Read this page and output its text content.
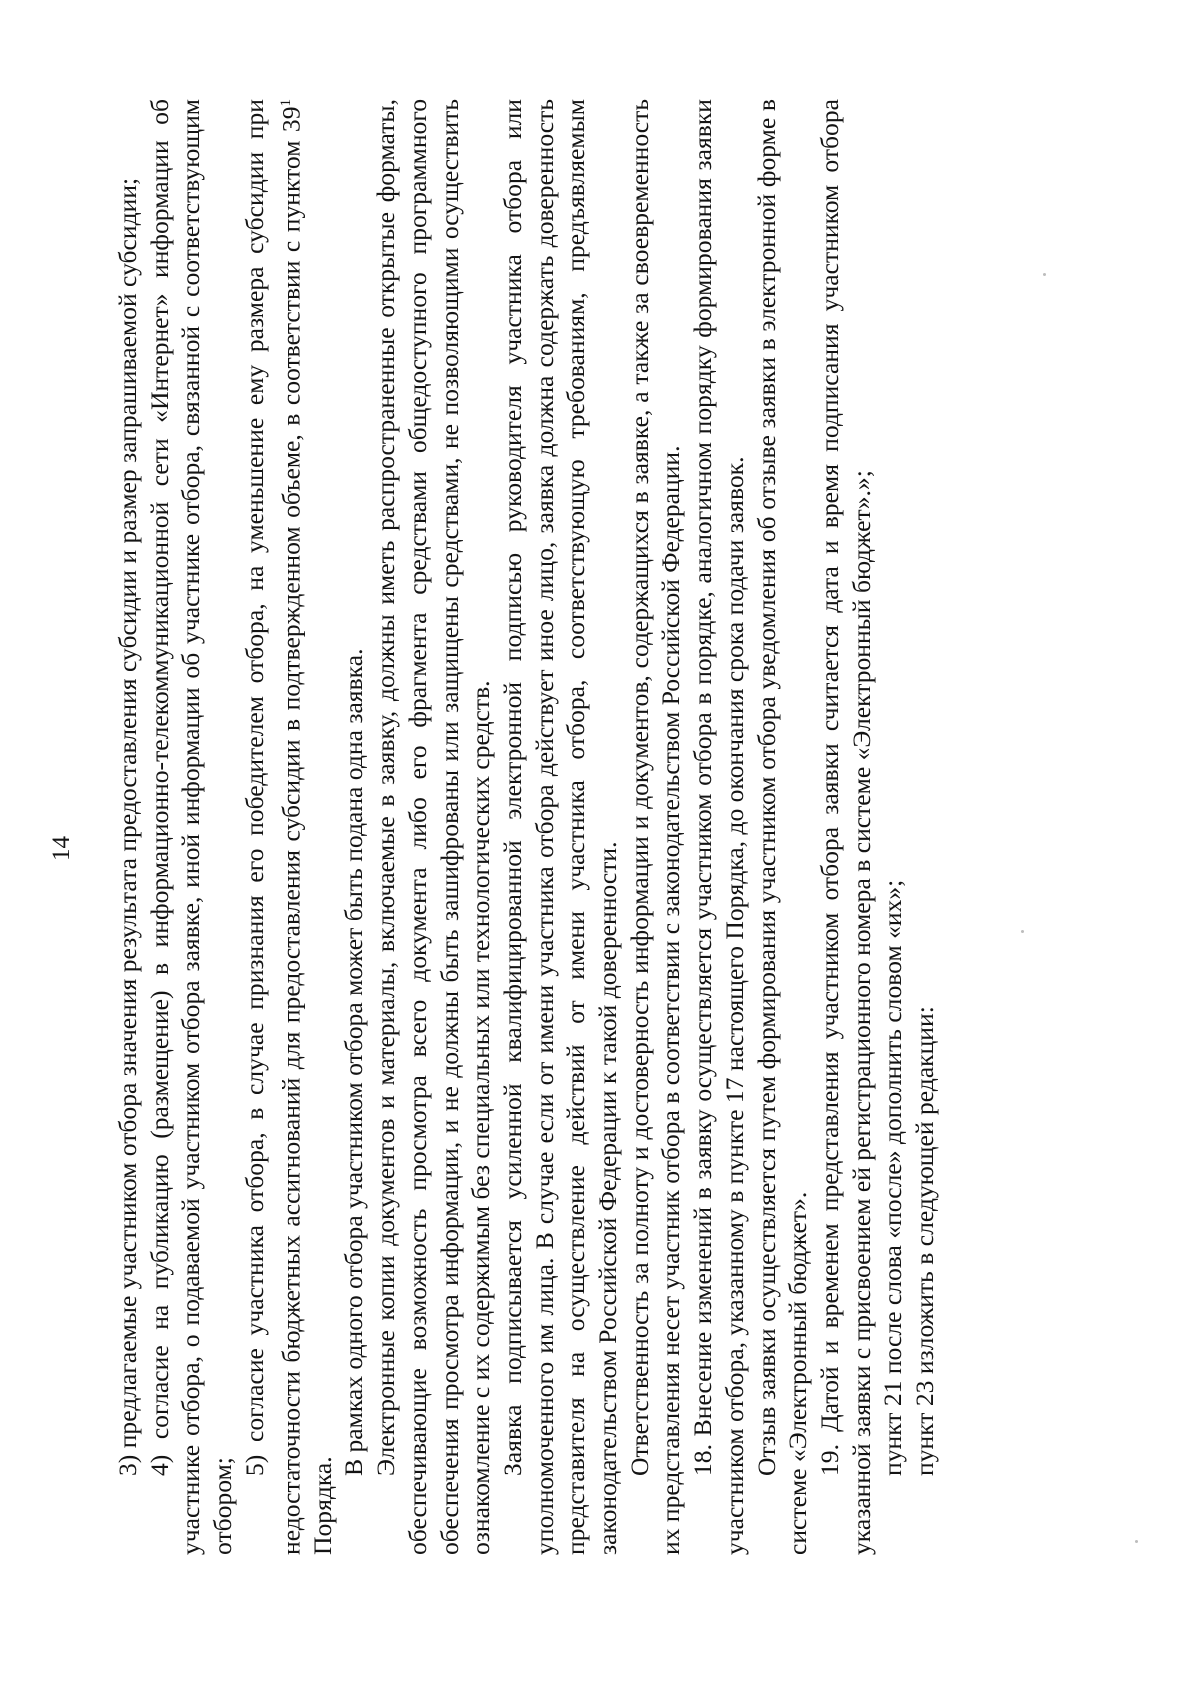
14 3) предлагаемые участником отбора значения результата предоставления субсидии и размер запрашиваемой субсидии; 4) согласие на публикацию (размещение) в информационно-телекоммуникационной сети «Интернет» информации об участнике отбора, о подаваемой участником отбора заявке, иной информации об участнике отбора, связанной с соответствующим отбором;

5) согласие участника отбора, в случае признания его победителем отбора, на уменьшение ему размера субсидии при недостаточности бюджетных ассигнований для предоставления субсидии в подтвержденном объеме, в соответствии с пунктом $39^1$ Порядка.

В рамках одного отбора участником отбора может быть подана одна заявка. Электронные копии документов и материалы, включаемые в заявку, должны иметь распространенные открытые форматы, обеспечивающие возможность просмотра всего документа либо его фрагмента средствами общедоступного программного обеспечения просмотра информации, и не должны быть зашифрованы или защищены средствами, не позволяющими осуществить ознакомление с их содержимым без специальных или технологических средств. Заявка подписывается усиленной квалифицированной электронной подписью руководителя участника отбора или уполномоченного им лица. В случае если от имени участника отбора действует иное лицо, заявка должна содержать доверенность представителя на осуществление действий от имени участника отбора, соответствующую требованиям, предъявляемым законодательством Российской Федерации к такой доверенности. Ответственность за полноту и достоверность информации и документов, содержащихся в заявке, а также за своевременность их представления несет участник отбора в соответствии с законодательством Российской Федерации. 18. Внесение изменений в заявку осуществляется участником отбора в порядке, аналогичном порядку формирования заявки участником отбора, указанному в пункте 17 настоящего Порядка, до окончания срока подачи заявок. Отзыв заявки осуществляется путем формирования участником отбора уведомления об отзыве заявки в электронной форме в системе «Электронный бюджет». 19. Датой и временем представления участником отбора заявки считается дата и время подписания участником отбора указанной заявки с присвоением ей регистрационного номера в системе «Электронный бюджет».»; пункт 21 после слова «после» дополнить словом «их»; пункт 23 изложить в следующей редакции:
